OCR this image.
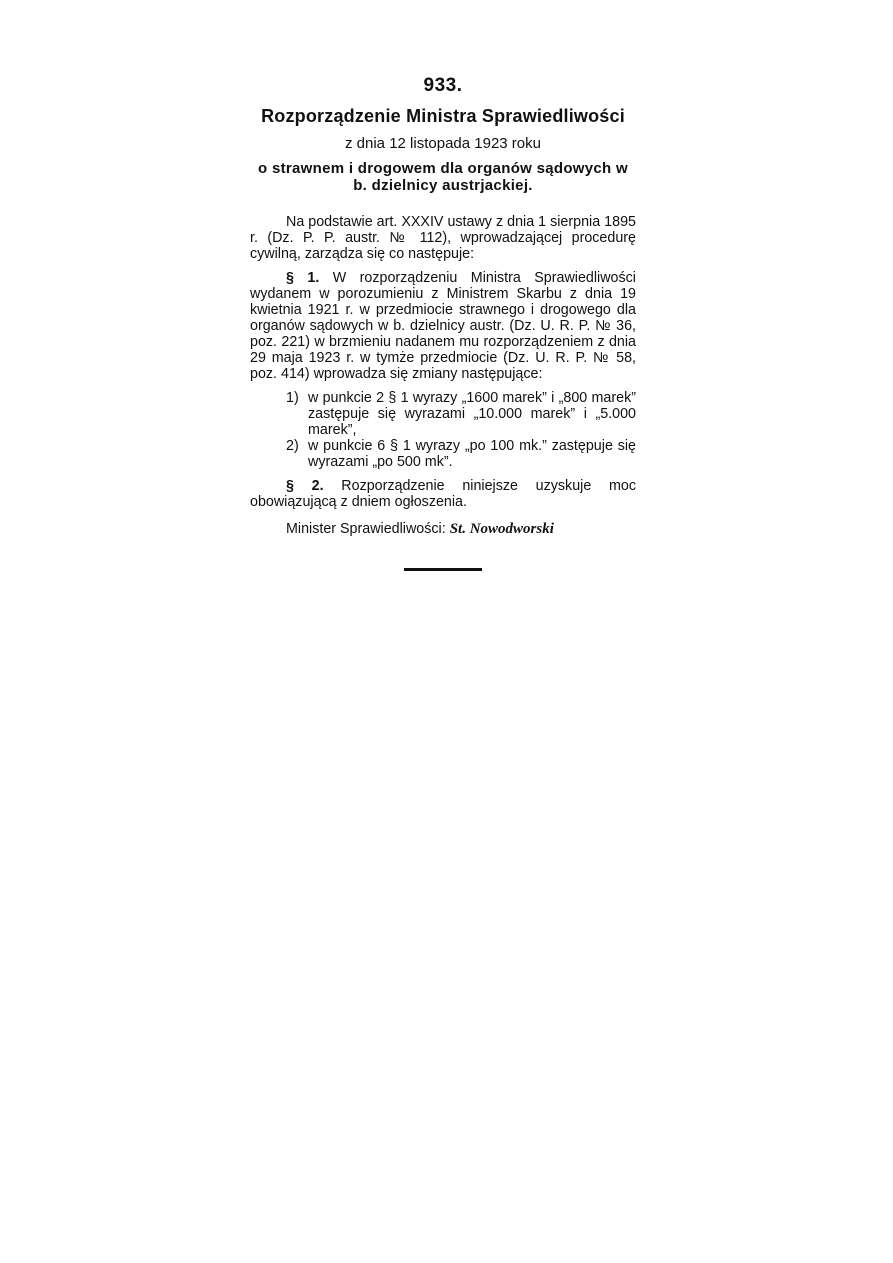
933.
Rozporządzenie Ministra Sprawiedliwości
z dnia 12 listopada 1923 roku
o strawnem i drogowem dla organów sądowych w b. dzielnicy austrjackiej.

Na podstawie art. XXXIV ustawy z dnia 1 sierpnia 1895 r. (Dz. P. P. austr. № 112), wprowadzającej procedurę cywilną, zarządza się co następuje:

§ 1. W rozporządzeniu Ministra Sprawiedliwości wydanem w porozumieniu z Ministrem Skarbu z dnia 19 kwietnia 1921 r. w przedmiocie strawnego i drogowego dla organów sądowych w b. dzielnicy austr. (Dz. U. R. P. № 36, poz. 221) w brzmieniu nadanem mu rozporządzeniem z dnia 29 maja 1923 r. w tymże przedmiocie (Dz. U. R. P. № 58, poz. 414) wprowadza się zmiany następujące:

1) w punkcie 2 § 1 wyrazy „1600 marek” i „800 marek” zastępuje się wyrazami „10.000 marek” i „5.000 marek”,
2) w punkcie 6 § 1 wyrazy „po 100 mk.” zastępuje się wyrazami „po 500 mk”.

§ 2. Rozporządzenie niniejsze uzyskuje moc obowiązującą z dniem ogłoszenia.

Minister Sprawiedliwości: St. Nowodworski
